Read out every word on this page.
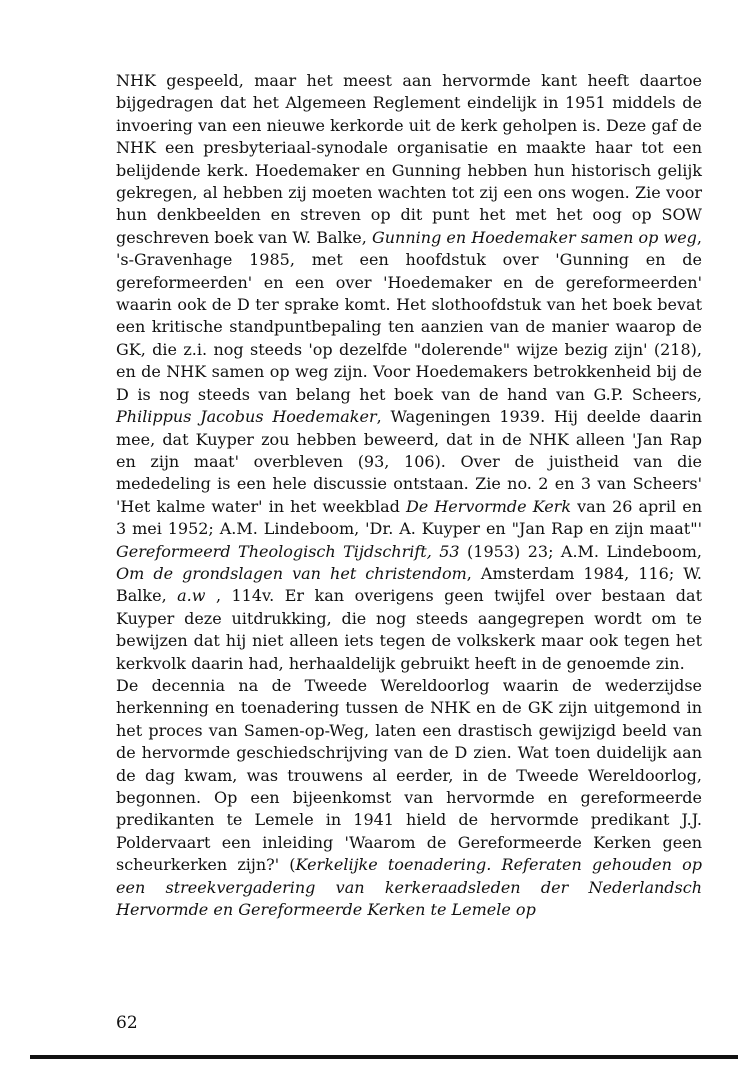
NHK gespeeld, maar het meest aan hervormde kant heeft daartoe bijgedragen dat het Algemeen Reglement eindelijk in 1951 middels de invoering van een nieuwe kerkorde uit de kerk geholpen is. Deze gaf de NHK een presbyteriaal-synodale organisatie en maakte haar tot een belijdende kerk. Hoedemaker en Gunning hebben hun historisch gelijk gekregen, al hebben zij moeten wachten tot zij een ons wogen. Zie voor hun denkbeelden en streven op dit punt het met het oog op SOW geschreven boek van W. Balke, Gunning en Hoedemaker samen op weg, 's-Gravenhage 1985, met een hoofdstuk over 'Gunning en de gereformeerden' en een over 'Hoedemaker en de gereformeerden' waarin ook de D ter sprake komt. Het slothoofdstuk van het boek bevat een kritische standpuntbepaling ten aanzien van de manier waarop de GK, die z.i. nog steeds 'op dezelfde "dolerende" wijze bezig zijn' (218), en de NHK samen op weg zijn. Voor Hoedemakers betrokkenheid bij de D is nog steeds van belang het boek van de hand van G.P. Scheers, Philippus Jacobus Hoedemaker, Wageningen 1939. Hij deelde daarin mee, dat Kuyper zou hebben beweerd, dat in de NHK alleen 'Jan Rap en zijn maat' overbleven (93, 106). Over de juistheid van die mededeling is een hele discussie ontstaan. Zie no. 2 en 3 van Scheers' 'Het kalme water' in het weekblad De Hervormde Kerk van 26 april en 3 mei 1952; A.M. Lindeboom, 'Dr. A. Kuyper en "Jan Rap en zijn maat"' Gereformeerd Theologisch Tijdschrift, 53 (1953) 23; A.M. Lindeboom, Om de grondslagen van het christendom, Amsterdam 1984, 116; W. Balke, a.w , 114v. Er kan overigens geen twijfel over bestaan dat Kuyper deze uitdrukking, die nog steeds aangegrepen wordt om te bewijzen dat hij niet alleen iets tegen de volkskerk maar ook tegen het kerkvolk daarin had, herhaaldelijk gebruikt heeft in de genoemde zin.

De decennia na de Tweede Wereldoorlog waarin de wederzijdse herkenning en toenadering tussen de NHK en de GK zijn uitgemond in het proces van Samen-op-Weg, laten een drastisch gewijzigd beeld van de hervormde geschiedschrijving van de D zien. Wat toen duidelijk aan de dag kwam, was trouwens al eerder, in de Tweede Wereldoorlog, begonnen. Op een bijeenkomst van hervormde en gereformeerde predikanten te Lemele in 1941 hield de hervormde predikant J.J. Poldervaart een inleiding 'Waarom de Gereformeerde Kerken geen scheurkerken zijn?' (Kerkelijke toenadering. Referaten gehouden op een streekvergadering van kerkeraadsleden der Nederlandsch Hervormde en Gereformeerde Kerken te Lemele op

62
